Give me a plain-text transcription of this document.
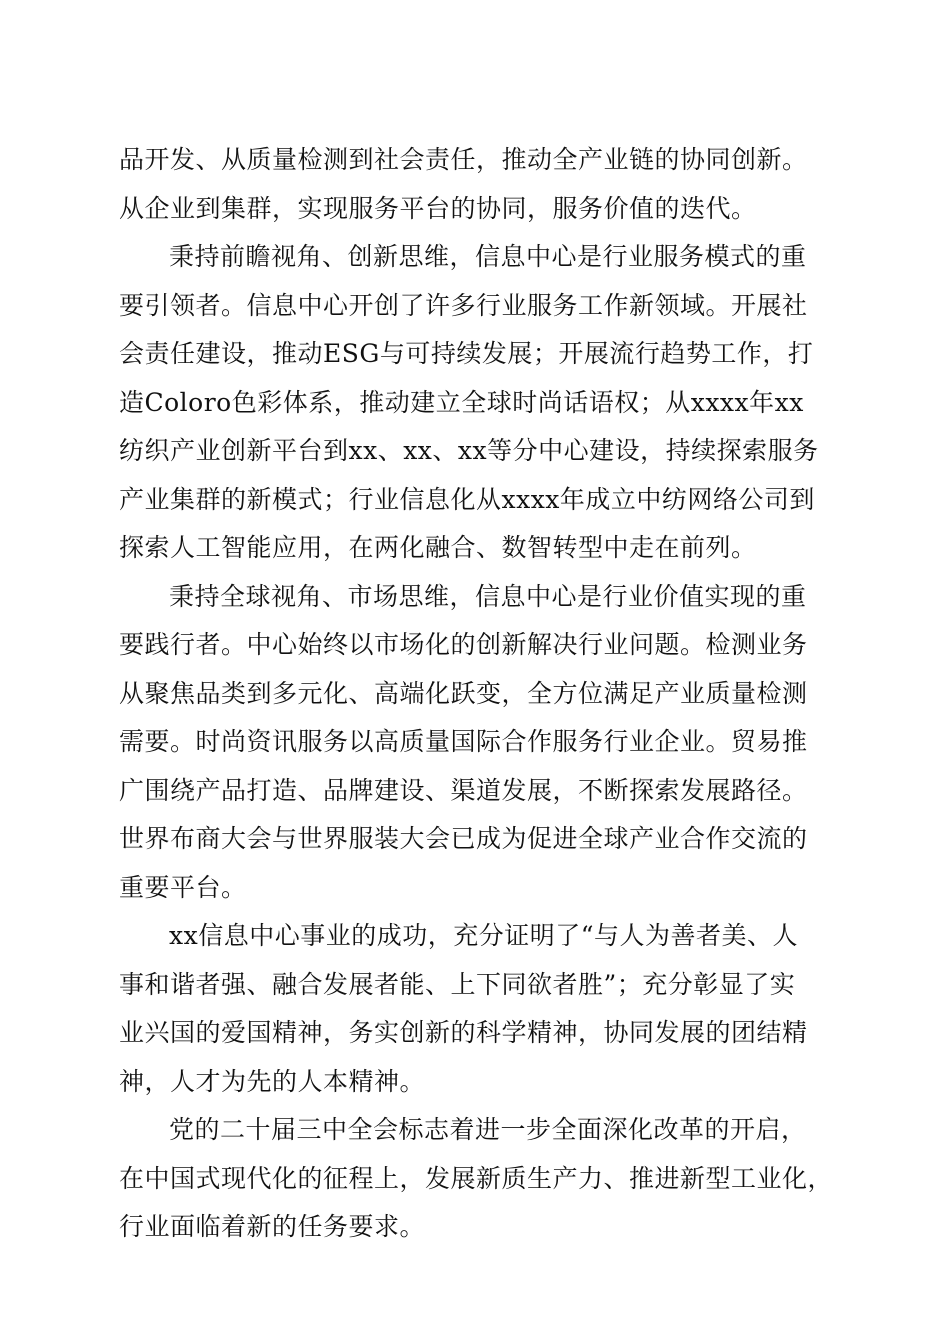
品开发、从质量检测到社会责任，推动全产业链的协同创新。
从企业到集群，实现服务平台的协同，服务价值的迭代。
秉持前瞻视角、创新思维，信息中心是行业服务模式的重
要引领者。信息中心开创了许多行业服务工作新领域。开展社
会责任建设，推动ESG与可持续发展；开展流行趋势工作，打
造Coloro色彩体系，推动建立全球时尚话语权；从xxxx年xx
纺织产业创新平台到xx、xx、xx等分中心建设，持续探索服务
产业集群的新模式；行业信息化从xxxx年成立中纺网络公司到
探索人工智能应用，在两化融合、数智转型中走在前列。
秉持全球视角、市场思维，信息中心是行业价值实现的重
要践行者。中心始终以市场化的创新解决行业问题。检测业务
从聚焦品类到多元化、高端化跃变，全方位满足产业质量检测
需要。时尚资讯服务以高质量国际合作服务行业企业。贸易推
广围绕产品打造、品牌建设、渠道发展，不断探索发展路径。
世界布商大会与世界服装大会已成为促进全球产业合作交流的
重要平台。
xx信息中心事业的成功，充分证明了“与人为善者美、人
事和谐者强、融合发展者能、上下同欲者胜”；充分彰显了实
业兴国的爱国精神，务实创新的科学精神，协同发展的团结精
神，人才为先的人本精神。
党的二十届三中全会标志着进一步全面深化改革的开启，
在中国式现代化的征程上，发展新质生产力、推进新型工业化，
行业面临着新的任务要求。
